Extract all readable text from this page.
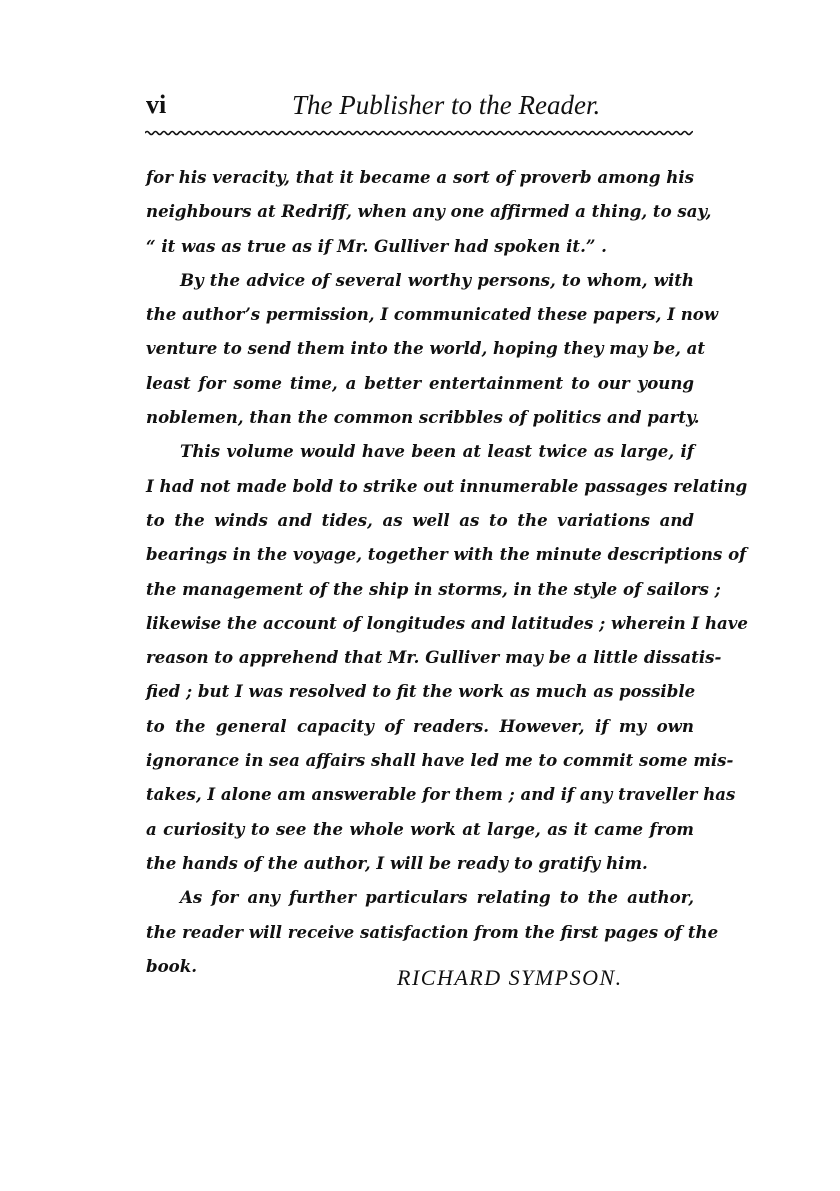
vi	The Publisher to the Reader.

for his veracity, that it became a sort of proverb among his
neighbours at Redriff, when any one affirmed a thing, to say,
“ it was as true as if Mr. Gulliver had spoken it.” .

By the advice of several worthy persons, to whom, with
the author’s permission, I communicated these papers, I now
venture to send them into the world, hoping they may be, at
least for some time, a better entertainment to our young
noblemen, than the common scribbles of politics and party.

This volume would have been at least twice as large, if
I had not made bold to strike out innumerable passages relating
to the winds and tides, as well as to the variations and
bearings in the voyage, together with the minute descriptions of
the management of the ship in storms, in the style of sailors ;
likewise the account of longitudes and latitudes ; wherein I have
reason to apprehend that Mr. Gulliver may be a little dissatis-
fied ; but I was resolved to fit the work as much as possible
to the general capacity of readers. However, if my own
ignorance in sea affairs shall have led me to commit some mis-
takes, I alone am answerable for them ; and if any traveller has
a curiosity to see the whole work at large, as it came from
the hands of the author, I will be ready to gratify him.

As for any further particulars relating to the author,
the reader will receive satisfaction from the first pages of the
book.	RICHARD SYMPSON.
